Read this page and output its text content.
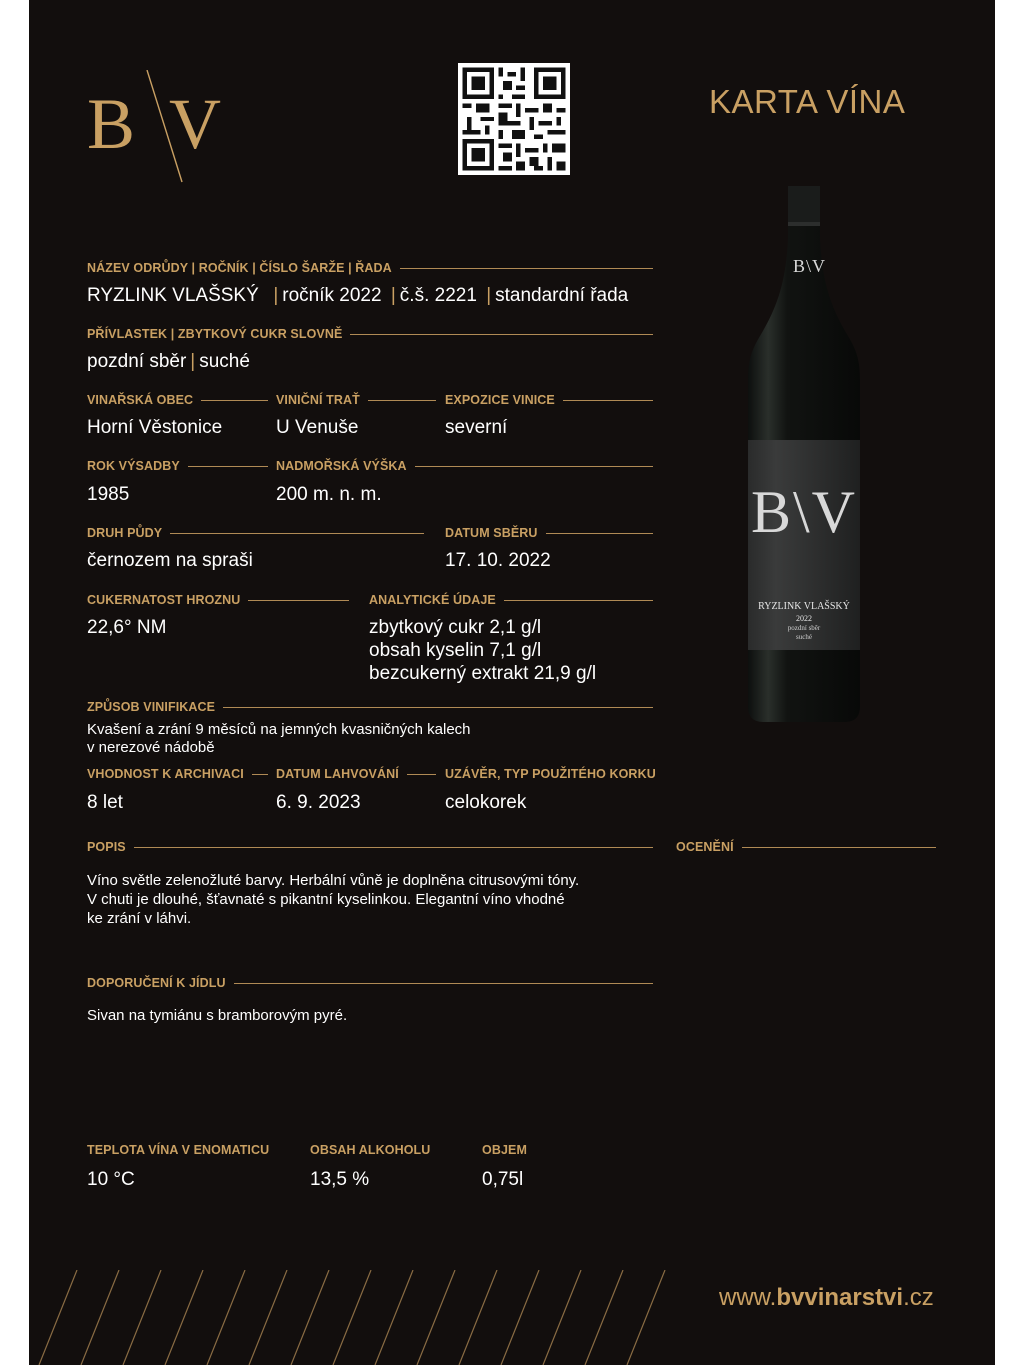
B V	KARTA VÍNA
B\V
B\V
RYZLINK VLAŠSKÝ
2022
pozdní sběr
suché
NÁZEV ODRŮDY | ROČNÍK | ČÍSLO ŠARŽE | ŘADA
RYZLINK VLAŠSKÝ  | ročník 2022 | č.š. 2221 | standardní řada
PŘÍVLASTEK | ZBYTKOVÝ CUKR SLOVNĚ
pozdní sběr | suché
VINAŘSKÁ OBEC
Horní Věstonice
VINIČNÍ TRAŤ
U Venuše
EXPOZICE VINICE
severní
ROK VÝSADBY
1985
NADMOŘSKÁ VÝŠKA
200 m. n. m.
DRUH PŮDY
černozem na spraši
DATUM SBĚRU
17. 10. 2022
CUKERNATOST HROZNU
22,6° NM
ANALYTICKÉ ÚDAJE
zbytkový cukr 2,1 g/l
obsah kyselin 7,1 g/l
bezcukerný extrakt 21,9 g/l
ZPŮSOB VINIFIKACE
Kvašení a zrání 9 měsíců na jemných kvasničných kalech
v nerezové nádobě
VHODNOST K ARCHIVACI
8 let
DATUM LAHVOVÁNÍ
6. 9. 2023
UZÁVĚR, TYP POUŽITÉHO KORKU
celokorek
POPIS	OCENĚNÍ
Víno světle zelenožluté barvy. Herbální vůně je doplněna citrusovými tóny.
V chuti je dlouhé, šťavnaté s pikantní kyselinkou. Elegantní víno vhodné
ke zrání v láhvi.
DOPORUČENÍ K JÍDLU
Sivan na tymiánu s bramborovým pyré.
TEPLOTA VÍNA V ENOMATICU
10 °C
OBSAH ALKOHOLU
13,5 %
OBJEM
0,75l
www.bvvinarstvi.cz
